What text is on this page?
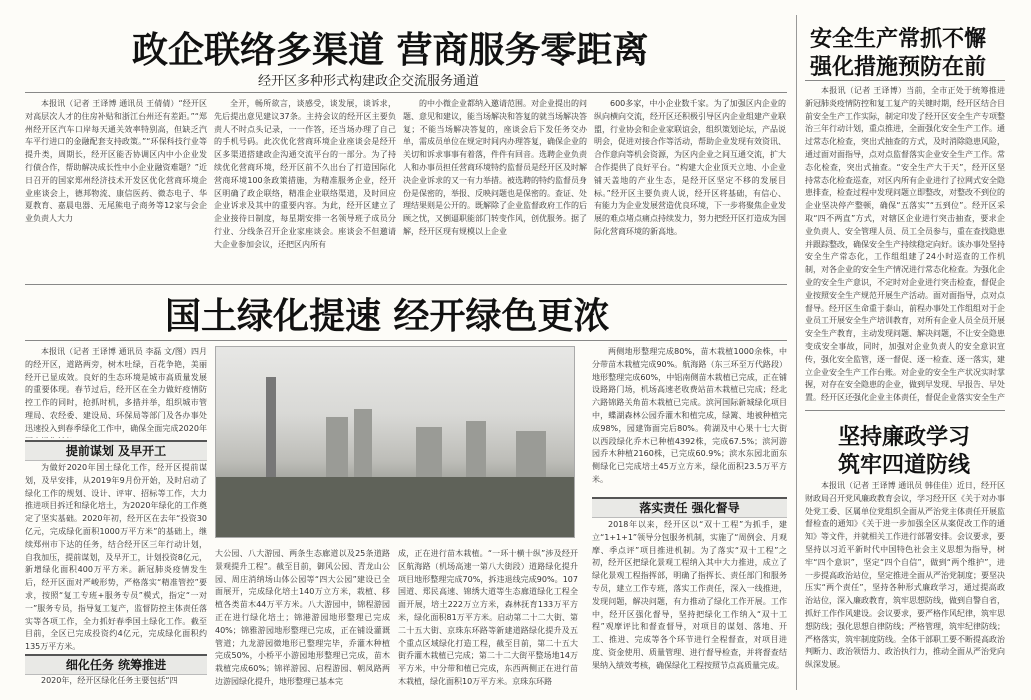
政企联络多渠道 营商服务零距离
经开区多种形式构建政企交流服务通道

本报讯（记者 王译博 通讯员 王倩倩）“经开区对高层次人才的住房补贴和浙江台州还有差距。”“郑州经开区汽车口岸每天通关效率特别高，但缺乏汽车平行进口的金融配套支持政策。”“环保科技行业等提升类，周期长，经开区能否协调区内中小企业发行债合作，帮助解决成长性中小企业融资难题？”近日召开的国家郑州经济技术开发区优化营商环境企业座谈会上，德邦物流、康信医药、微态电子、华夏教育、嘉晨电器、无尾熊电子商务等12家与会企业负责人大力

全开，畅所欲言，谈感受，谈发展，谈诉求，先后提出意见建议37条。主持会议的经开区主要负责人不时点头记录，一一作答，还当场办理了自己的手机号码。此次优化营商环境企业座谈会是经开区多渠道搭建政企沟通交流平台的一部分。为了持续优化营商环境，经开区前不久出台了打造国际化营商环境100条政策措施，为精准服务企业，经开区明确了政企联络，精准企业联络渠道，及时回应企业诉求及其中的重要内容。为此，经开区建立了企业接待日制度，每星期安排一名领导班子成员分行业、分线条召开企业家座谈会。座谈会不但邀请大企业参加会议，还把区内所有

的中小微企业都纳入邀请范围。对企业提出的问题、意见和建议，能当场解决和答复的就当场解决答复；不能当场解决答复的，座谈会后下发任务交办单，需成员单位在规定时间内办理答复，确保企业的关切和诉求事事有着落，件件有回音。选聘企业负责人和办事员担任营商环境特约监督员是经开区及时解决企业诉求的又一有力举措。被选聘的特约监督员身份是保密的，举报、反映问题也是保密的。查证、处理结果则是公开的。既解除了企业监督政府工作的后顾之忧，又倒逼职能部门转变作风，创优服务。据了解，经开区现有规模以上企业

600多家，中小企业数千家。为了加强区内企业的纵向横向交流，经开区还积极引导区内企业组建产业联盟，行业协会和企业家联谊会，组织策划论坛，产品说明会，促进对接合作等活动，帮助企业发现有效资讯、合作意向等机会资源，为区内企业之间互通交流，扩大合作提供了良好平台。“构建大企业顶天立地、小企业铺天盖地的产业生态，是经开区坚定不移的发展目标。”经开区主要负责人说，经开区将基础，有信心、有能力为企业发展营造优良环境，下一步将聚焦企业发展的难点堵点痛点持续发力，努力把经开区打造成为国际化营商环境的新高地。

国土绿化提速 经开绿色更浓

本报讯（记者 王译博 通讯员 李磊 文/图）四月的经开区，道路两旁，树木吐绿，百花争艳，美丽经开已显成效。良好的生态环境是城市高质量发展的重要体现。春节过后，经开区在全力做好疫情防控工作的同时，抢抓时机，多措并举，组织城市管理局、农经委、建设局、环保局等部门及各办事处迅速投入到春季绿化工作中，确保全面完成2020年

提前谋划 及早开工

为做好2020年国土绿化工作，经开区提前谋划，及早安排，从2019年9月份开始，及时启动了绿化工作的规划、设计、评审、招标等工作，大力推进项目拆迁和绿化培土，为2020年绿化的工作奠定了坚实基础。2020年初，经开区在去年“投资30亿元，完成绿化面积1000万平方米”的基础上，继续郑州市下达的任务，结合经开区三年行动计划，自我加压，提前谋划，及早开工，计划投资8亿元，新增绿化面积400万平方米。新冠肺炎疫情发生后，经开区面对严峻形势，严格落实“精准管控”要求，按照“复工专班+服务专员”模式，指定“一对一”服务专员，指导复工复产，监督防控主体责任落实等各项工作，全力抓好春季国土绿化工作。截至目前，全区已完成投资约4亿元，完成绿化面积约135万平方米。

细化任务 统筹推进

2020年，经开区绿化任务主要包括“四

大公园、八大游园、两条生态廊道以及25条道路景观提升工程”。截至目前，御风公园、青龙山公园、周庄消纳场山体公园等“四大公园”建设已全面展开，完成绿化培土140万立方米，栽植、移植各类苗木44万平方米。八大游园中，锦程游园正在进行绿化培土；锦港游园地形整理已完成40%；锦雅游园地形整理已完成，正在铺设灌溉管道；九龙游园微地形已整理完毕，乔灌木种植完成50%，小桥平小游园地形整理已完成，苗木栽植完成60%；锦祥游园、启程游园、朝凤路两边游园绿化提升，地形整理已基本完

成，正在进行苗木栽植。“一环十横十纵”涉及经开区航海路（机场高速一第八大街段）道路绿化提升项目地形整理完成70%，拆违退线完成90%。107国道、郑民高速、锦绣大道等生态廊道绿化工程全面开展，培土222万立方米，森林抚育133万平方米，绿化面积81万平方米。启动第二十二大街、第二十五大街、京珠东环路等新建道路绿化提升及五个重点区域绿化打造工程，截至目前，第二十五大街乔灌木栽植已完成；第二十二大街平整场地14万平方米，中分带和植已完成，东西两侧正在进行苗木栽植，绿化面积10万平方米。京珠东环路

两侧地形整理完成80%，苗木栽植1000余株，中分带苗木栽植完成90%。航海路（东三环至万代路段）地形整理完成60%，中铝南侧苗木栽植已完成，正在铺设路路门场，机场高速老收费站苗木栽植已完成；经北六路锦路关角苗木栽植已完成。滨河国际新城绿化项目中，蝶湖森林公园乔灌木和植完成，绿篱、地被种植完成98%，园建饰面完后80%。荷湖及中心果十七大街以西段绿化乔木已种植4392株，完成67.5%；滨河游园乔木种植2160株，已完成60.9%；滨水东园北面东侧绿化已完成培土45万立方米，绿化面积23.5万平方米。

落实责任 强化督导

2018年以来，经开区以“双十工程”为抓手，建立“1+1+1”领导分包服务机制，实施了“周例会、月观摩、季点评”项目推进机制。为了落实“双十工程”之初，经开区把绿化景观工程纳入其中大力推进，成立了绿化景观工程指挥部，明确了指挥长、责任部门和服务专员，建立工作专班，落实工作责任，深入一线推进，发现问题，解决问题，有力推动了绿化工作开展。工作中，经开区强化督导，坚持把绿化工作纳入“双十工程”观摩评比和督查督导，对项目的谋划、落地、开工、推进、完成等各个环节进行全程督查，对项目进度、资金使用、质量管理、进行督导检查，并将督查结果纳入绩效考核，确保绿化工程按照节点高质量完成。

安全生产常抓不懈
强化措施预防在前

本报讯（记者 王译博）当前，全市正处于统筹推进新冠肺炎疫情防控和复工复产的关键时期，经开区结合目前安全生产工作实际，制定印发了经开区安全生产专项整治三年行动计划，重点推进，全面强化安全生产工作。通过常态化检查，突出式抽查的方式，及时消除隐患风险，通过面对面指导，点对点监督落实企业安全生产工作。常态化检查，突出式抽查。“安全生产大于天”，经开区坚持常态化检查巡查，对区内所有企业进行了拉网式安全隐患排查，检查过程中发现问题立即整改，对整改不到位的企业坚决停产整顿，确保“五落实”“五到位”。经开区采取“四不两直”方式，对辖区企业进行突击抽查，要求企业负责人、安全管理人员、员工全员参与，重在查找隐患并跟踪整改，确保安全生产持续稳定向好。该办事处坚持安全生产常态化，工作组组建了24小时巡查的工作机制，对各企业的安全生产情况进行常态化检查。为强化企业的安全生产意识，不定时对企业进行突击检查，督促企业按照安全生产规范开展生产活动。面对面指导，点对点督导。经开区生命重于泰山，前程办事处工作组组对于企业员工开展安全生产培训教育，对所有企业人员全员开展安全生产教育，主动发现问题、解决问题，不让安全隐患变成安全事故，同时，加强对企业负责人的安全意识宣传，强化安全监管，逐一督促、逐一检查、逐一落实，建立企业安全生产工作台账。对企业的安全生产状况实时掌握，对存在安全隐患的企业，做到早发现、早报告、早处置。经开区还强化企业主体责任，督促企业落实安全生产

坚持廉政学习
筑牢四道防线

本报讯（记者 王译博 通讯员 韩佳佳）近日，经开区财政局召开党风廉政教育会议，学习经开区《关于对办事处党工委、区属单位党组织全面从严治党主体责任开展监督检查的通知》《关于进一步加强全区从案促改工作的通知》等文件，并就相关工作进行部署安排。会议要求，要坚持以习近平新时代中国特色社会主义思想为指导，树牢“四个意识”，坚定“四个自信”，做到“两个维护”，进一步提高政治站位，坚定推进全面从严治党制度；要坚决压实“两个责任”，坚持各种形式廉政学习，通过提高政治站位，深入廉政教育，筑牢思想防线，做到自警自省，抓好工作作风建设。会议要求，要严格作风纪律，筑牢思想防线；强化思想自律防线；严格管理，筑牢纪律防线；严格落实，筑牢制度防线。全体干部职工要不断提高政治判断力、政治领悟力、政治执行力，推动全面从严治党向纵深发展。
